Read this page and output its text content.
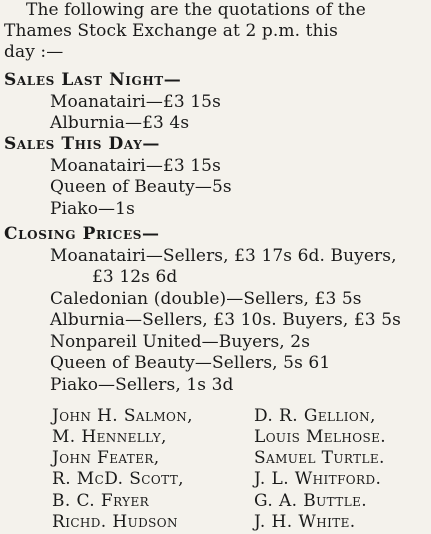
The following are the quotations of the
Thames Stock Exchange at 2 p.m. this
day :—
Sales Last Night—
Moanatairi—£3 15s
Alburnia—£3 4s
Sales This Day—
Moanatairi—£3 15s
Queen of Beauty—5s
Piako—1s
Closing Prices—
Moanatairi—Sellers, £3 17s 6d. Buyers,
£3 12s 6d
Caledonian (double)—Sellers, £3 5s
Alburnia—Sellers, £3 10s. Buyers, £3 5s
Nonpareil United—Buyers, 2s
Queen of Beauty—Sellers, 5s 61
Piako—Sellers, 1s 3d
John H. Salmon,
M. Hennelly,
John Feater,
R. McD. Scott,
B. C. Fryer
Richd. Hudson
D. R. Gellion,
Louis Melhose.
Samuel Turtle.
J. L. Whitford.
G. A. Buttle.
J. H. White.
